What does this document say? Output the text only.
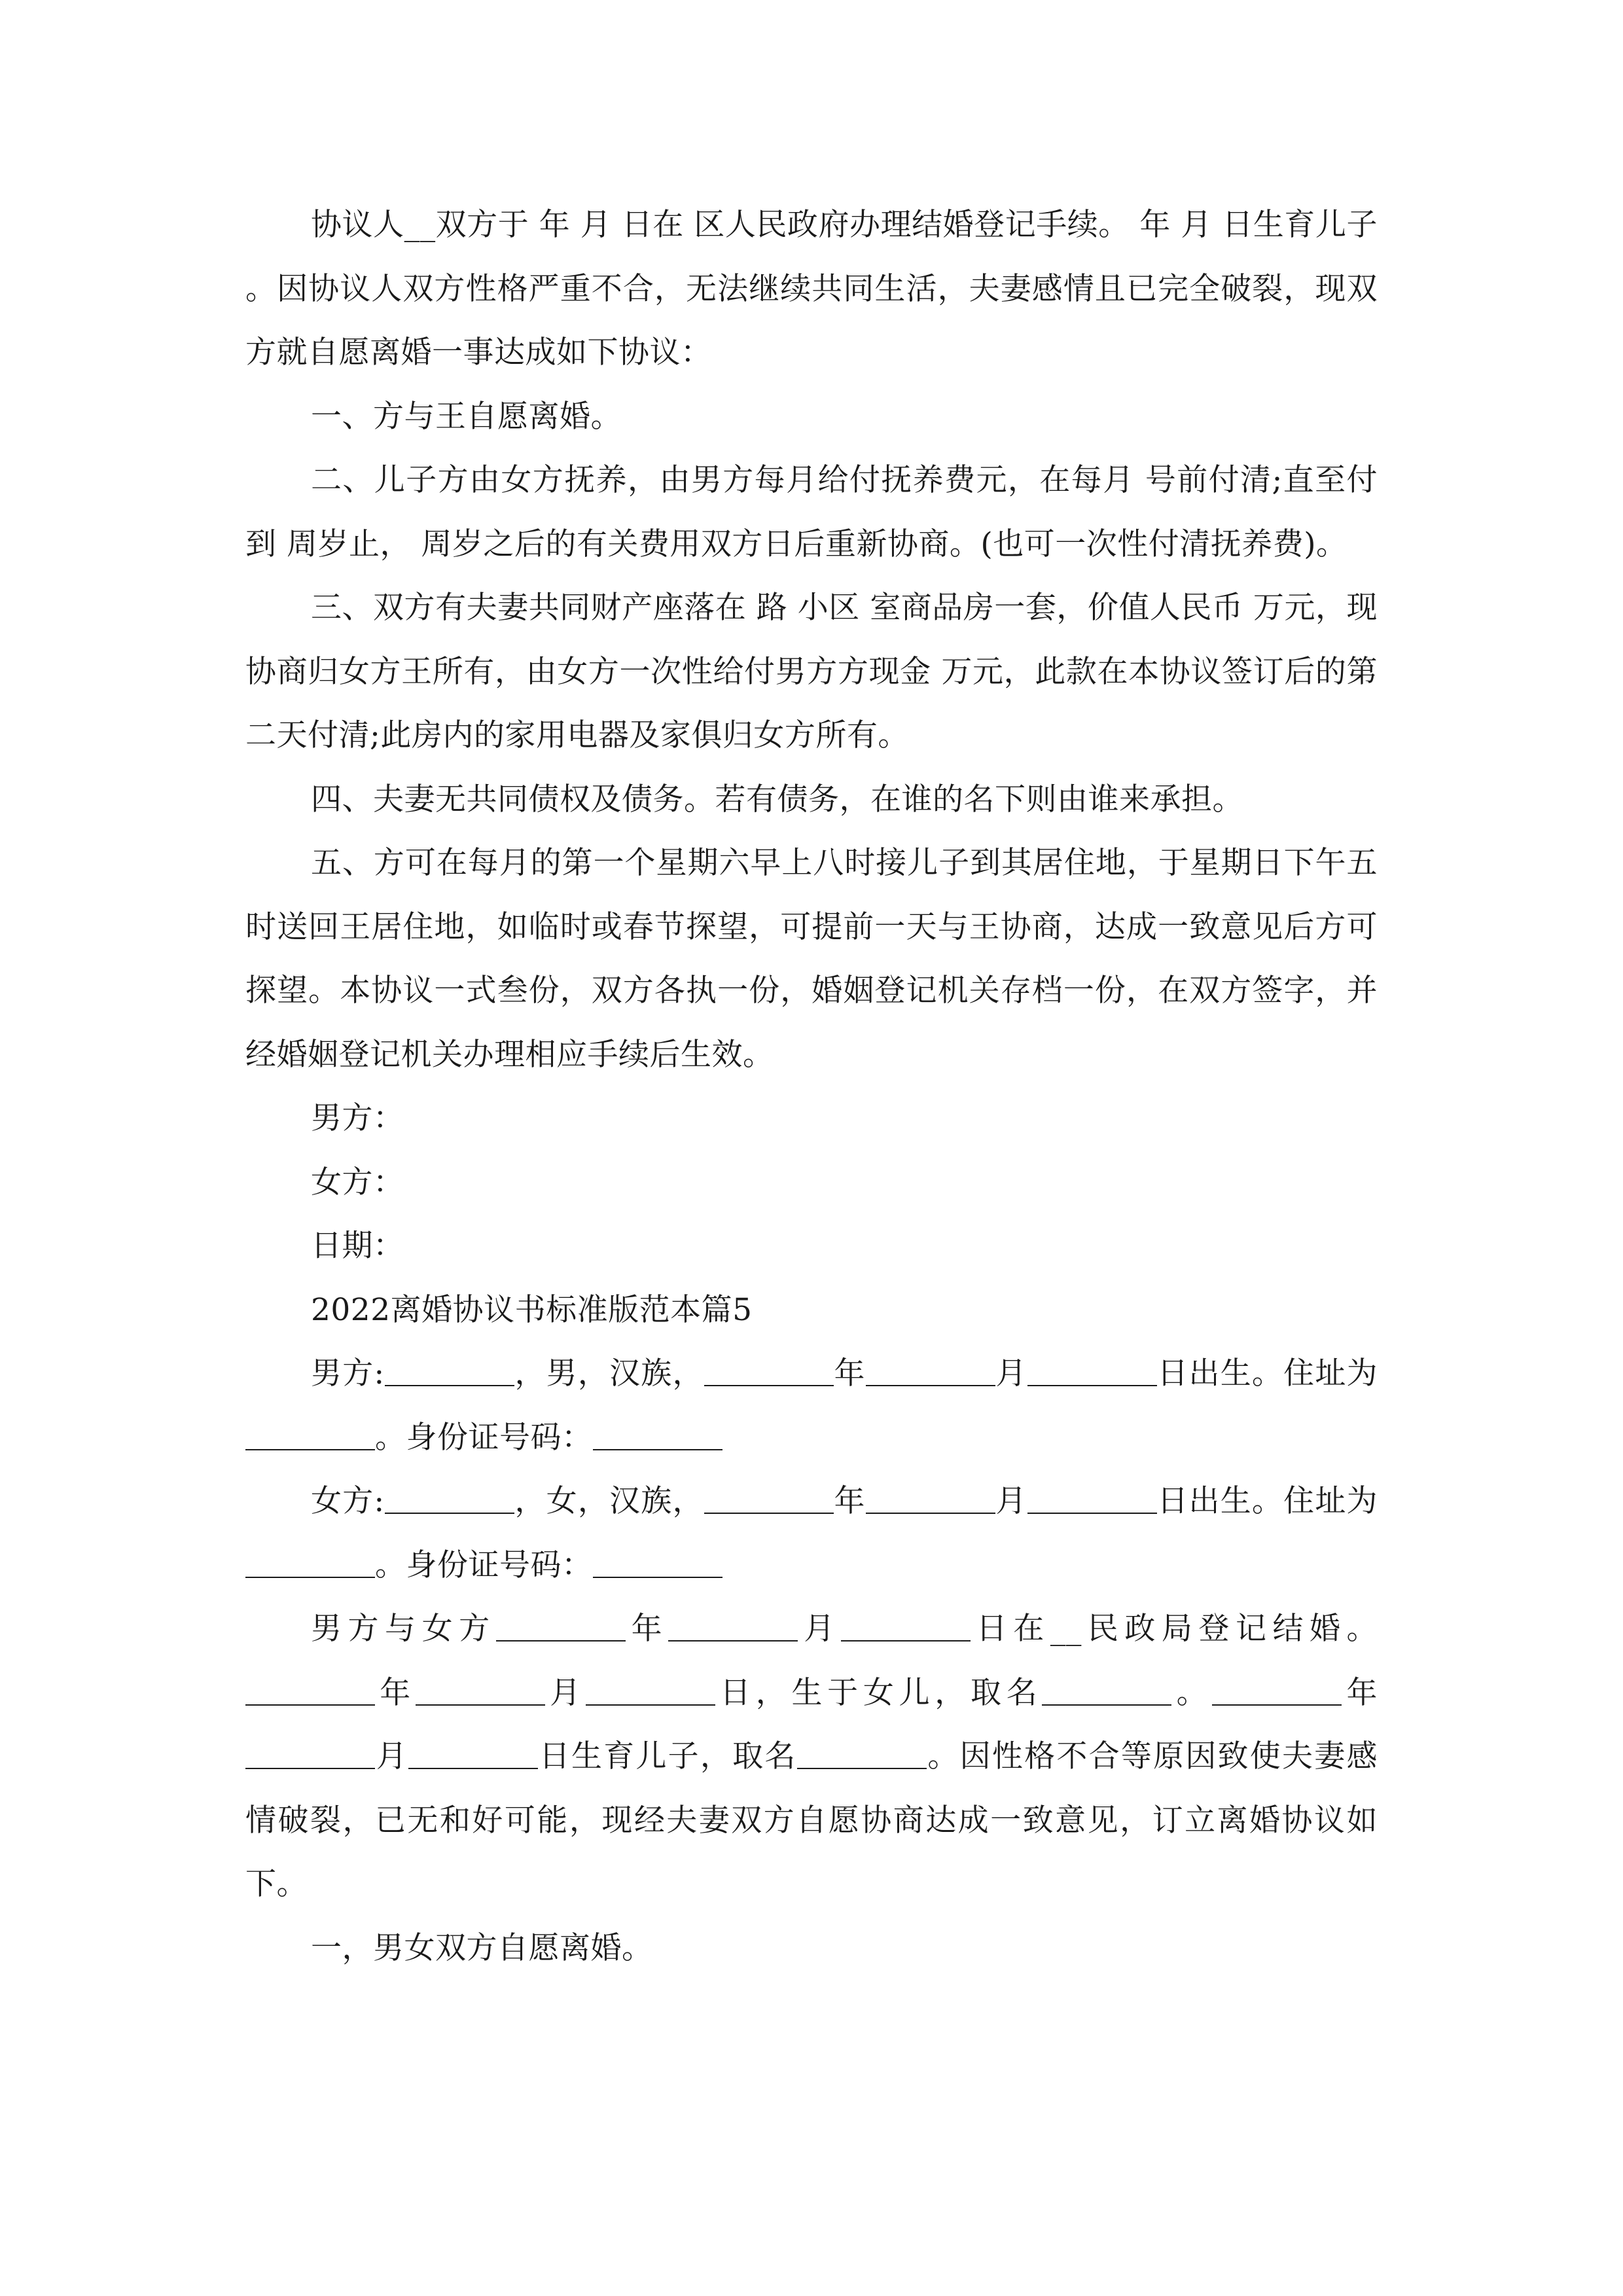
协议人__双方于 年 月 日在 区人民政府办理结婚登记手续。 年 月 日生育儿子 。因协议人双方性格严重不合，无法继续共同生活，夫妻感情且已完全破裂，现双方就自愿离婚一事达成如下协议：

一、方与王自愿离婚。

二、儿子方由女方抚养，由男方每月给付抚养费元，在每月 号前付清;直至付到 周岁止， 周岁之后的有关费用双方日后重新协商。(也可一次性付清抚养费)。

三、双方有夫妻共同财产座落在 路 小区 室商品房一套，价值人民币 万元，现协商归女方王所有，由女方一次性给付男方方现金 万元，此款在本协议签订后的第二天付清;此房内的家用电器及家俱归女方所有。

四、夫妻无共同债权及债务。若有债务，在谁的名下则由谁来承担。

五、方可在每月的第一个星期六早上八时接儿子到其居住地，于星期日下午五时送回王居住地，如临时或春节探望，可提前一天与王协商，达成一致意见后方可探望。本协议一式叁份，双方各执一份，婚姻登记机关存档一份，在双方签字，并经婚姻登记机关办理相应手续后生效。

男方：

女方：

日期：

2022离婚协议书标准版范本篇5

男方:	，男，汉族，	年	月	日出生。住址为。身份证号码：

女方:	，女，汉族，	年	月	日出生。住址为。身份证号码：

男方与女方	年	月	日在__民政局登记结婚。年	月	日，生于女儿，取名	。	年月	日生育儿子，取名	。因性格不合等原因致使夫妻感情破裂，已无和好可能，现经夫妻双方自愿协商达成一致意见，订立离婚协议如下。

一，男女双方自愿离婚。
